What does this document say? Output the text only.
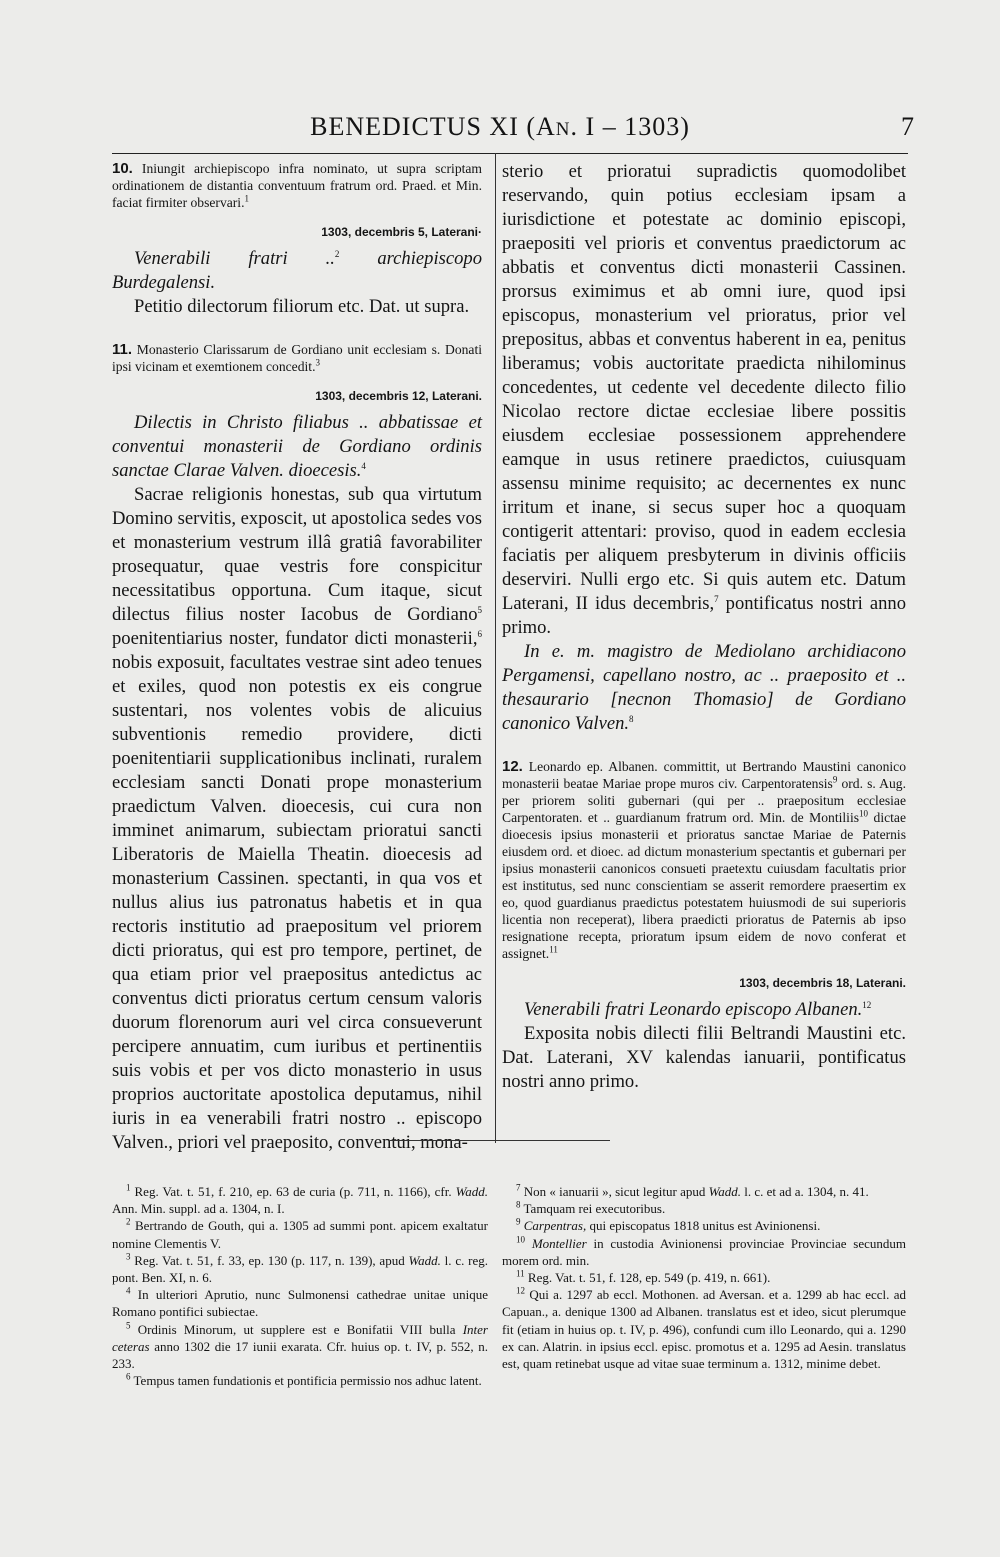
BENEDICTUS XI (AN. I – 1303)	7

10. Iniungit archiepiscopo infra nominato, ut supra scriptam ordinationem de distantia conventuum fratrum ord. Praed. et Min. faciat firmiter observari.$^1$

1303, decembris 5, Laterani·

Venerabili fratri ..$^2$ archiepiscopo Burdegalensi.

Petitio dilectorum filiorum etc. Dat. ut supra.

11. Monasterio Clarissarum de Gordiano unit ecclesiam s. Donati ipsi vicinam et exemtionem concedit.$^3$

1303, decembris 12, Laterani.

Dilectis in Christo filiabus .. abbatissae et conventui monasterii de Gordiano ordinis sanctae Clarae Valven. dioecesis.$^4$

Sacrae religionis honestas, sub qua virtutum Domino servitis, exposcit, ut apostolica sedes vos et monasterium vestrum illâ gratiâ favorabiliter prosequatur, quae vestris fore conspicitur necessitatibus opportuna. Cum itaque, sicut dilectus filius noster Iacobus de Gordiano$^5$ poenitentiarius noster, fundator dicti monasterii,$^6$ nobis exposuit, facultates vestrae sint adeo tenues et exiles, quod non potestis ex eis congrue sustentari, nos volentes vobis de alicuius subventionis remedio providere, dicti poenitentiarii supplicationibus inclinati, ruralem ecclesiam sancti Donati prope monasterium praedictum Valven. dioecesis, cui cura non imminet animarum, subiectam prioratui sancti Liberatoris de Maiella Theatin. dioecesis ad monasterium Cassinen. spectanti, in qua vos et nullus alius ius patronatus habetis et in qua rectoris institutio ad praepositum vel priorem dicti prioratus, qui est pro tempore, pertinet, de qua etiam prior vel praepositus antedictus ac conventus dicti prioratus certum censum valoris duorum florenorum auri vel circa consueverunt percipere annuatim, cum iuribus et pertinentiis suis vobis et per vos dicto monasterio in usus proprios auctoritate apostolica deputamus, nihil iuris in ea venerabili fratri nostro .. episcopo Valven., priori vel praeposito, conventui, mona-

sterio et prioratui supradictis quomodolibet reservando, quin potius ecclesiam ipsam a iurisdictione et potestate ac dominio episcopi, praepositi vel prioris et conventus praedictorum ac abbatis et conventus dicti monasterii Cassinen. prorsus eximimus et ab omni iure, quod ipsi episcopus, monasterium vel prioratus, prior vel prepositus, abbas et conventus haberent in ea, penitus liberamus; vobis auctoritate praedicta nihilominus concedentes, ut cedente vel decedente dilecto filio Nicolao rectore dictae ecclesiae libere possitis eiusdem ecclesiae possessionem apprehendere eamque in usus retinere praedictos, cuiusquam assensu minime requisito; ac decernentes ex nunc irritum et inane, si secus super hoc a quoquam contigerit attentari: proviso, quod in eadem ecclesia faciatis per aliquem presbyterum in divinis officiis deserviri. Nulli ergo etc. Si quis autem etc. Datum Laterani, II idus decembris,$^7$ pontificatus nostri anno primo.

In e. m. magistro de Mediolano archidiacono Pergamensi, capellano nostro, ac .. praeposito et .. thesaurario [necnon Thomasio] de Gordiano canonico Valven.$^8$

12. Leonardo ep. Albanen. committit, ut Bertrando Maustini canonico monasterii beatae Mariae prope muros civ. Carpentoratensis$^9$ ord. s. Aug. per priorem soliti gubernari (qui per .. praepositum ecclesiae Carpentoraten. et .. guardianum fratrum ord. Min. de Montiliis$^{10}$ dictae dioecesis ipsius monasterii et prioratus sanctae Mariae de Paternis eiusdem ord. et dioec. ad dictum monasterium spectantis et gubernari per ipsius monasterii canonicos consueti praetextu cuiusdam facultatis prior est institutus, sed nunc conscientiam se asserit remordere praesertim ex eo, quod guardianus praedictus potestatem huiusmodi de sui superioris licentia non receperat), libera praedicti prioratus de Paternis ab ipso resignatione recepta, prioratum ipsum eidem de novo conferat et assignet.$^{11}$

1303, decembris 18, Laterani.

Venerabili fratri Leonardo episcopo Albanen.$^{12}$

Exposita nobis dilecti filii Beltrandi Maustini etc. Dat. Laterani, XV kalendas ianuarii, pontificatus nostri anno primo.

$^1$ Reg. Vat. t. 51, f. 210, ep. 63 de curia (p. 711, n. 1166), cfr. Wadd. Ann. Min. suppl. ad a. 1304, n. I.

$^2$ Bertrando de Gouth, qui a. 1305 ad summi pont. apicem exaltatur nomine Clementis V.

$^3$ Reg. Vat. t. 51, f. 33, ep. 130 (p. 117, n. 139), apud Wadd. l. c. reg. pont. Ben. XI, n. 6.

$^4$ In ulteriori Aprutio, nunc Sulmonensi cathedrae unitae unique Romano pontifici subiectae.

$^5$ Ordinis Minorum, ut supplere est e Bonifatii VIII bulla Inter ceteras anno 1302 die 17 iunii exarata. Cfr. huius op. t. IV, p. 552, n. 233.

$^6$ Tempus tamen fundationis et pontificia permissio nos adhuc latent.

$^7$ Non « ianuarii », sicut legitur apud Wadd. l. c. et ad a. 1304, n. 41.

$^8$ Tamquam rei executoribus.

$^9$ Carpentras, qui episcopatus 1818 unitus est Avinionensi.

$^{10}$ Montellier in custodia Avinionensi provinciae Provinciae secundum morem ord. min.

$^{11}$ Reg. Vat. t. 51, f. 128, ep. 549 (p. 419, n. 661).

$^{12}$ Qui a. 1297 ab eccl. Mothonen. ad Aversan. et a. 1299 ab hac eccl. ad Capuan., a. denique 1300 ad Albanen. translatus est et ideo, sicut plerumque fit (etiam in huius op. t. IV, p. 496), confundi cum illo Leonardo, qui a. 1290 ex can. Alatrin. in ipsius eccl. episc. promotus et a. 1295 ad Aesin. translatus est, quam retinebat usque ad vitae suae terminum a. 1312, minime debet.
